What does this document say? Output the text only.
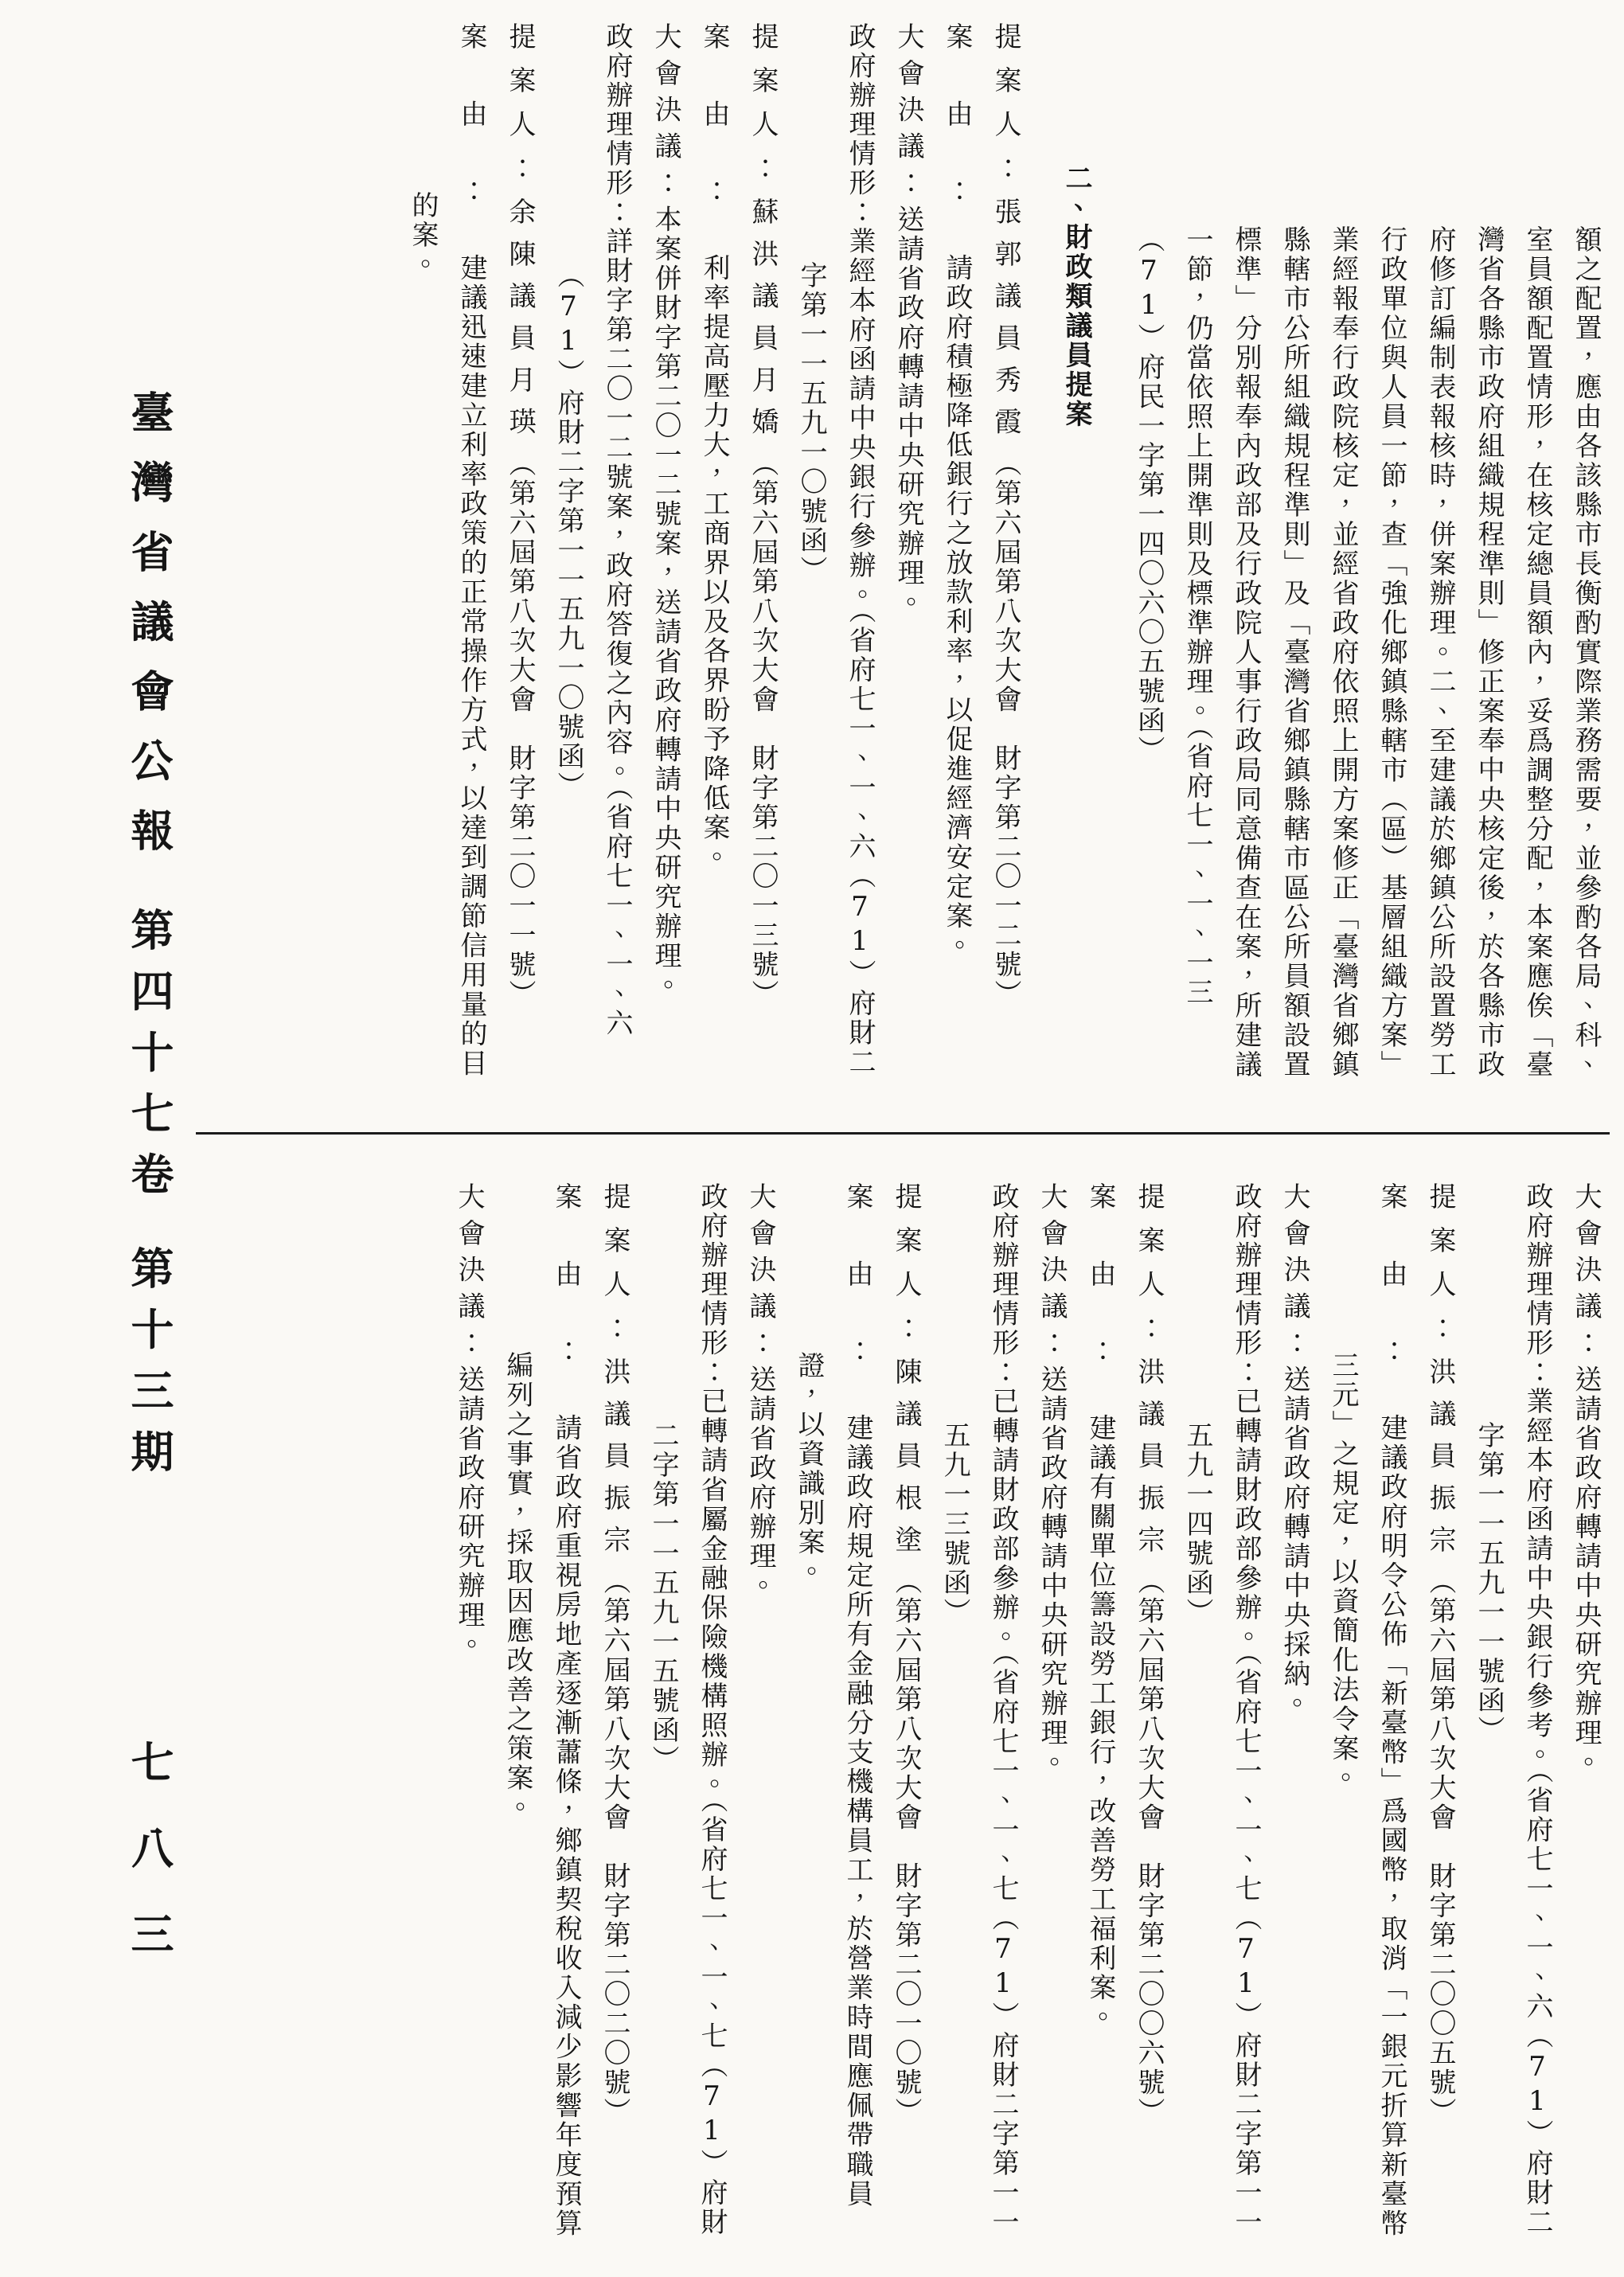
臺灣省議會公報
第四十七卷
第十三期
七八三
額之配置，應由各該縣市長衡酌實際業務需要，並參酌各局、科、室員額配置情形，在核定總員額內，妥爲調整分配，本案應俟「臺灣省各縣市政府組織規程準則」修正案奉中央核定後，於各縣市政府修訂編制表報核時，併案辦理。二、至建議於鄉鎮公所設置勞工行政單位與人員一節，查「強化鄉鎮縣轄市（區）基層組織方案」業經報奉行政院核定，並經省政府依照上開方案修正「臺灣省鄉鎮縣轄市公所組織規程準則」及「臺灣省鄉鎮縣轄市區公所員額設置標準」分別報奉內政部及行政院人事行政局同意備查在案，所建議一節，仍當依照上開準則及標準辦理。（省府七一、一、一三（71）府民一字第一四〇六〇五號函）
二、財政類議員提案
提案人：張郭議員秀霞（第六屆第八次大會　財字第二〇一二號）
案由：請政府積極降低銀行之放款利率，以促進經濟安定案。
大會決議：送請省政府轉請中央研究辦理。
政府辦理情形：業經本府函請中央銀行參辦。（省府七一、一、六（71）府財二字第一一五九一〇號函）
提案人：蘇洪議員月嬌（第六屆第八次大會　財字第二〇一三號）
案由：利率提高壓力大，工商界以及各界盼予降低案。
大會決議：本案併財字第二〇一二號案，送請省政府轉請中央研究辦理。
政府辦理情形：詳財字第二〇一二號案，政府答復之內容。（省府七一、一、六（71）府財二字第一一五九一〇號函）
提案人：余陳議員月瑛（第六屆第八次大會　財字第二〇一一號）
案由：建議迅速建立利率政策的正常操作方式，以達到調節信用量的目的案。
大會決議：送請省政府轉請中央研究辦理。
政府辦理情形：業經本府函請中央銀行參考。（省府七一、一、六（71）府財二字第一一五九一一號函）
提案人：洪議員振宗（第六屆第八次大會　財字第二〇〇五號）
案由：建議政府明令公佈「新臺幣」爲國幣，取消「一銀元折算新臺幣三元」之規定，以資簡化法令案。
大會決議：送請省政府轉請中央採納。
政府辦理情形：已轉請財政部參辦。（省府七一、一、七（71）府財二字第一一五九一四號函）
提案人：洪議員振宗（第六屆第八次大會　財字第二〇〇六號）
案由：建議有關單位籌設勞工銀行，改善勞工福利案。
大會決議：送請省政府轉請中央研究辦理。
政府辦理情形：已轉請財政部參辦。（省府七一、一、七（71）府財二字第一一五九一三號函）
提案人：陳議員根塗（第六屆第八次大會　財字第二〇一〇號）
案由：建議政府規定所有金融分支機構員工，於營業時間應佩帶職員證，以資識別案。
大會決議：送請省政府辦理。
政府辦理情形：已轉請省屬金融保險機構照辦。（省府七一、一、七（71）府財二字第一一五九一五號函）
提案人：洪議員振宗（第六屆第八次大會　財字第二〇二〇號）
案由：請省政府重視房地產逐漸蕭條，鄉鎮契稅收入減少影響年度預算編列之事實，採取因應改善之策案。
大會決議：送請省政府研究辦理。
